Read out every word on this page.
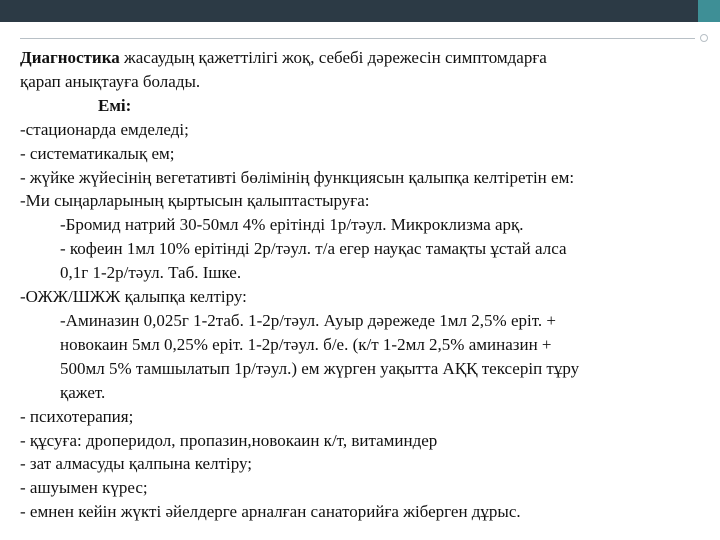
Диагностика жасаудың қажеттілігі жоқ, себебі дәрежесін симптомдарға
қарап анықтауға болады.
Емі:
-стационарда емделеді;
- систематикалық ем;
- жүйке жүйесінің вегетативті бөлімінің функциясын қалыпқа келтіретін ем:
-Ми сыңарларының қыртысын қалыптастыруға:
-Бромид натрий 30-50мл 4% ерітінді 1р/тәул. Микроклизма арқ.
- кофеин 1мл 10% ерітінді 2р/тәул. т/а егер науқас тамақты ұстай алса
0,1г 1-2р/тәул. Таб. Ішке.
-ОЖЖ/ШЖЖ қалыпқа келтіру:
-Аминазин 0,025г 1-2таб. 1-2р/тәул. Ауыр дәрежеде 1мл 2,5% ерiт. +
новокаин 5мл 0,25% ерiт. 1-2р/тәул. б/е. (к/т 1-2мл 2,5% аминазин +
500мл 5% тамшылатып 1р/тәул.) ем жүрген уақытта АҚҚ тексеріп тұру
қажет.
- психотерапия;
- құсуға: дроперидол, пропазин,новокаин к/т, витаминдер
- зат алмасуды қалпына келтіру;
- ашуымен күрес;
- емнен кейін жүкті әйелдерге арналған санаторийға жіберген дұрыс.
